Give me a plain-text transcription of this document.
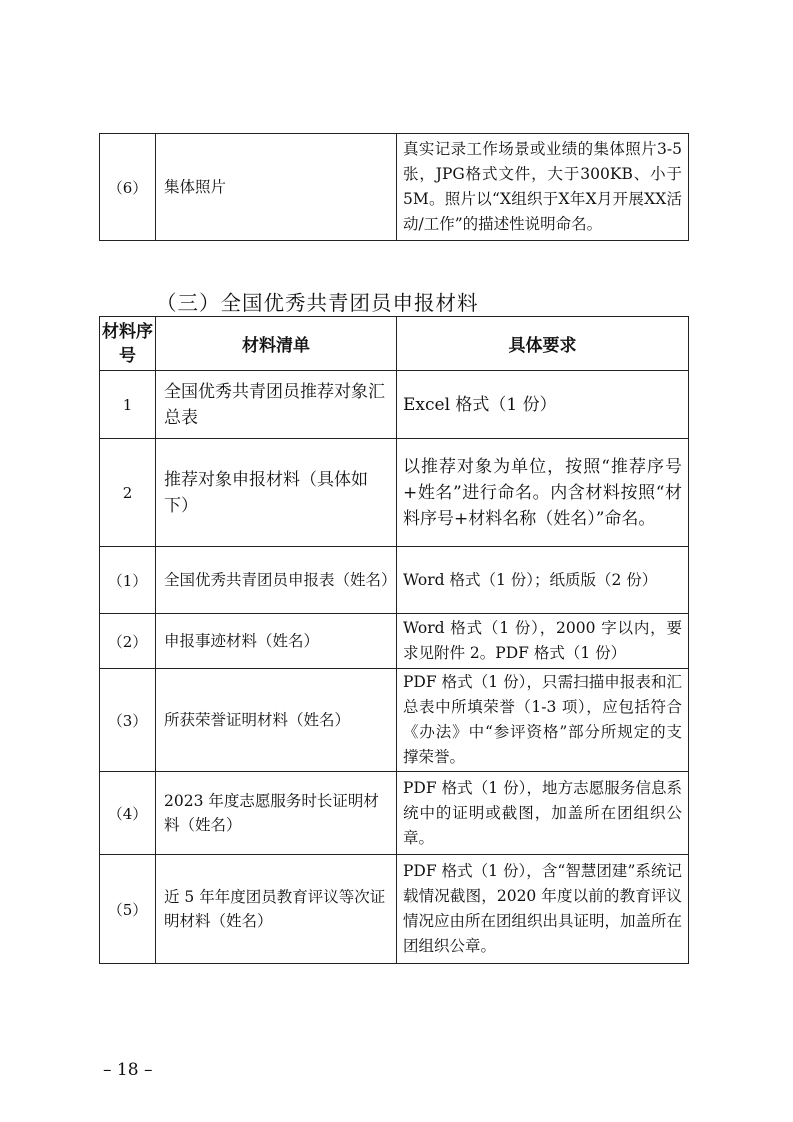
（6）	集体照片	真实记录工作场景或业绩的集体照片3-5张，JPG格式文件，大于300KB、小于5M。照片以“X组织于X年X月开展XX活动/工作”的描述性说明命名。
（三）全国优秀共青团员申报材料
材料序号	材料清单	具体要求
1	全国优秀共青团员推荐对象汇总表	Excel 格式（1 份）
2	推荐对象申报材料（具体如下）	以推荐对象为单位，按照“推荐序号+姓名”进行命名。内含材料按照“材料序号+材料名称（姓名）”命名。
（1）	全国优秀共青团员申报表（姓名）	Word 格式（1 份）；纸质版（2 份）
（2）	申报事迹材料（姓名）	Word 格式（1 份），2000 字以内，要求见附件 2。PDF 格式（1 份）
（3）	所获荣誉证明材料（姓名）	PDF 格式（1 份），只需扫描申报表和汇总表中所填荣誉（1-3 项），应包括符合《办法》中“参评资格”部分所规定的支撑荣誉。
（4）	2023 年度志愿服务时长证明材料（姓名）	PDF 格式（1 份），地方志愿服务信息系统中的证明或截图，加盖所在团组织公章。
（5）	近 5 年年度团员教育评议等次证明材料（姓名）	PDF 格式（1 份），含“智慧团建”系统记载情况截图，2020 年度以前的教育评议情况应由所在团组织出具证明，加盖所在团组织公章。
– 18 –
